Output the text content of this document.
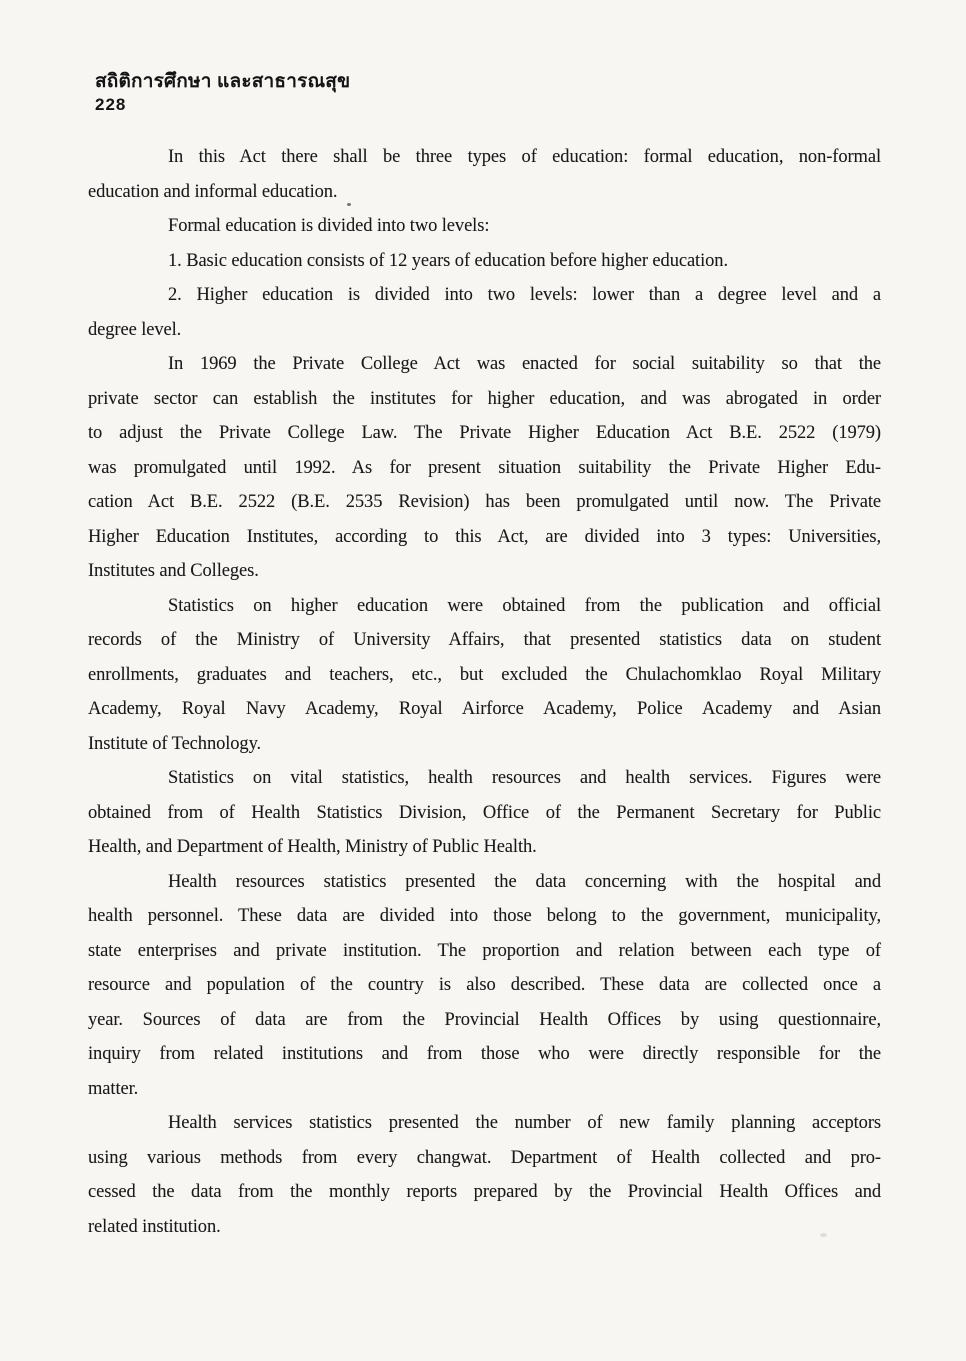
สถิติการศึกษา และสาธารณสุข
228
In this Act there shall be three types of education: formal education, non-formal
education and informal education.
Formal education is divided into two levels:
1. Basic education consists of 12 years of education before higher education.
2. Higher education is divided into two levels: lower than a degree level and a
degree level.
In 1969 the Private College Act was enacted for social suitability so that the
private sector can establish the institutes for higher education, and was abrogated in order
to adjust the Private College Law. The Private Higher Education Act B.E. 2522 (1979)
was promulgated until 1992. As for present situation suitability the Private Higher Edu-
cation Act B.E. 2522 (B.E. 2535 Revision) has been promulgated until now. The Private
Higher Education Institutes, according to this Act, are divided into 3 types: Universities,
Institutes and Colleges.
Statistics on higher education were obtained from the publication and official
records of the Ministry of University Affairs, that presented statistics data on student
enrollments, graduates and teachers, etc., but excluded the Chulachomklao Royal Military
Academy, Royal Navy Academy, Royal Airforce Academy, Police Academy and Asian
Institute of Technology.
Statistics on vital statistics, health resources and health services. Figures were
obtained from of Health Statistics Division, Office of the Permanent Secretary for Public
Health, and Department of Health, Ministry of Public Health.
Health resources statistics presented the data concerning with the hospital and
health personnel. These data are divided into those belong to the government, municipality,
state enterprises and private institution. The proportion and relation between each type of
resource and population of the country is also described. These data are collected once a
year. Sources of data are from the Provincial Health Offices by using questionnaire,
inquiry from related institutions and from those who were directly responsible for the
matter.
Health services statistics presented the number of new family planning acceptors
using various methods from every changwat. Department of Health collected and pro-
cessed the data from the monthly reports prepared by the Provincial Health Offices and
related institution.
